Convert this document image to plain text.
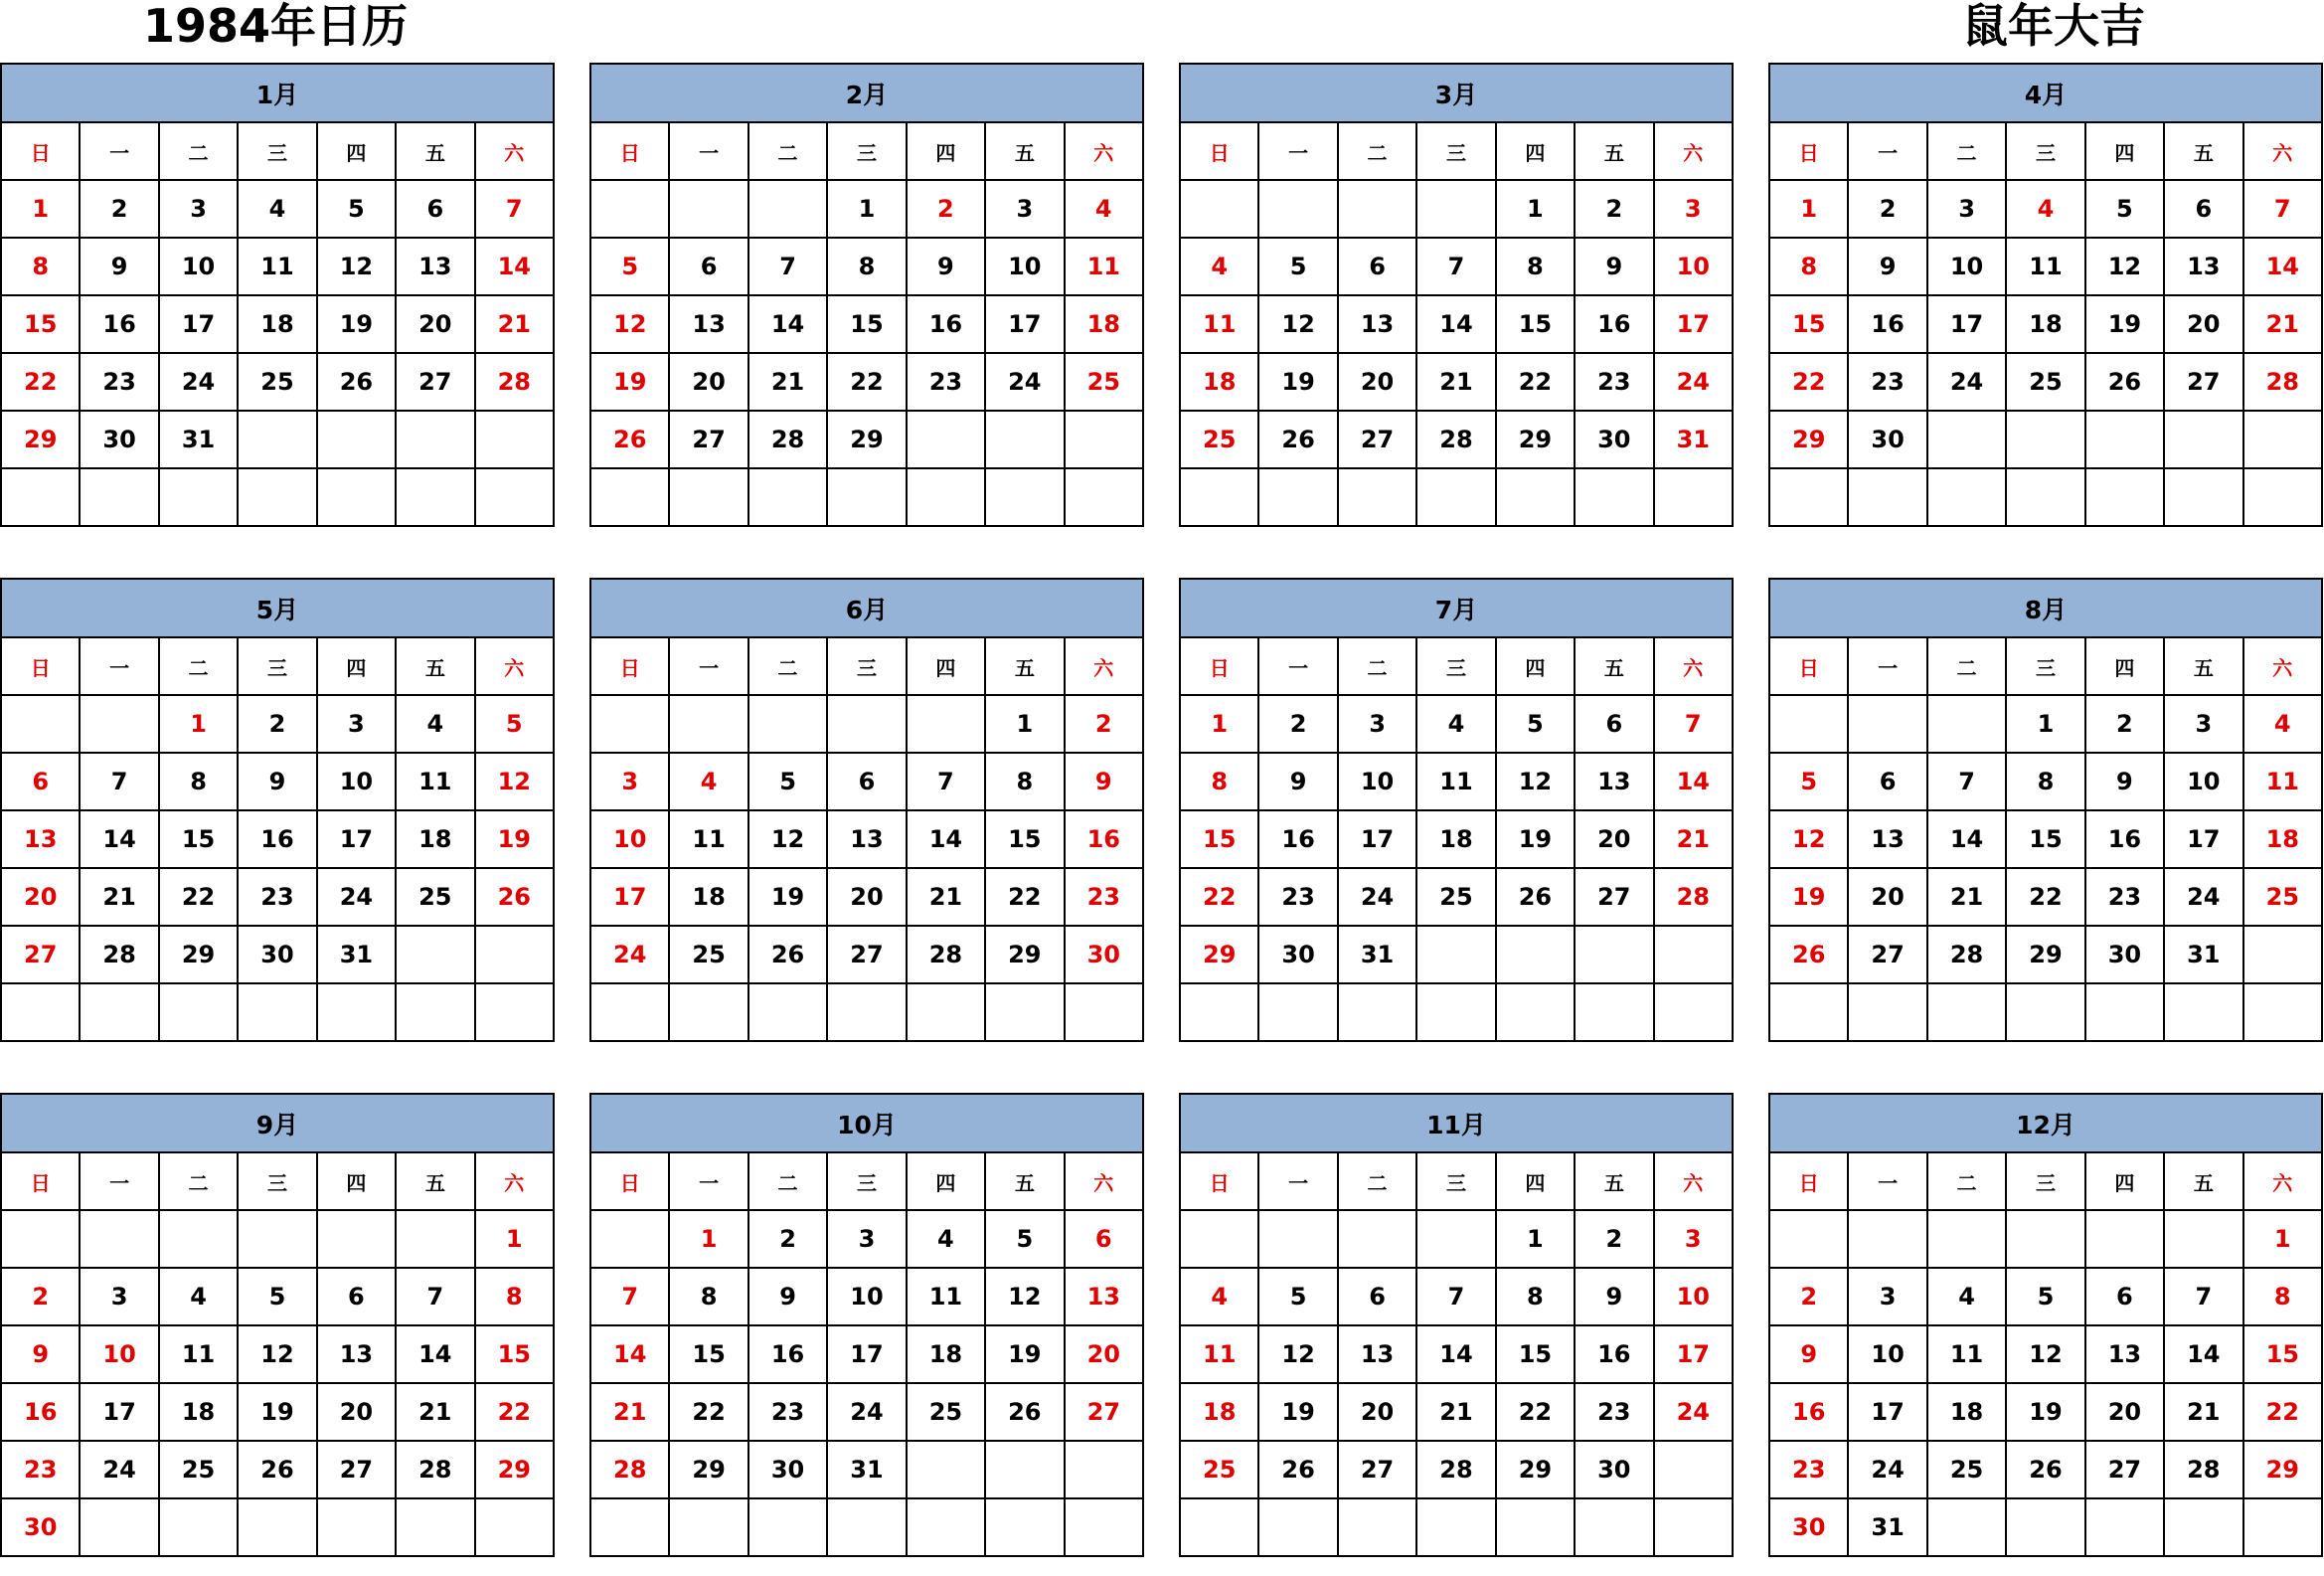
1984年日历	鼠年大吉
1月						
日	一	二	三	四	五	六
1	2	3	4	5	6	7
8	9	10	11	12	13	14
15	16	17	18	19	20	21
22	23	24	25	26	27	28
29	30	31				

2月						
日	一	二	三	四	五	六
			1	2	3	4
5	6	7	8	9	10	11
12	13	14	15	16	17	18
19	20	21	22	23	24	25
26	27	28	29			

3月						
日	一	二	三	四	五	六
				1	2	3
4	5	6	7	8	9	10
11	12	13	14	15	16	17
18	19	20	21	22	23	24
25	26	27	28	29	30	31

4月						
日	一	二	三	四	五	六
1	2	3	4	5	6	7
8	9	10	11	12	13	14
15	16	17	18	19	20	21
22	23	24	25	26	27	28
29	30					

5月						
日	一	二	三	四	五	六
		1	2	3	4	5
6	7	8	9	10	11	12
13	14	15	16	17	18	19
20	21	22	23	24	25	26
27	28	29	30	31		

6月						
日	一	二	三	四	五	六
					1	2
3	4	5	6	7	8	9
10	11	12	13	14	15	16
17	18	19	20	21	22	23
24	25	26	27	28	29	30

7月						
日	一	二	三	四	五	六
1	2	3	4	5	6	7
8	9	10	11	12	13	14
15	16	17	18	19	20	21
22	23	24	25	26	27	28
29	30	31				

8月						
日	一	二	三	四	五	六
			1	2	3	4
5	6	7	8	9	10	11
12	13	14	15	16	17	18
19	20	21	22	23	24	25
26	27	28	29	30	31	

9月						
日	一	二	三	四	五	六
						1
2	3	4	5	6	7	8
9	10	11	12	13	14	15
16	17	18	19	20	21	22
23	24	25	26	27	28	29
30						
10月						
日	一	二	三	四	五	六
	1	2	3	4	5	6
7	8	9	10	11	12	13
14	15	16	17	18	19	20
21	22	23	24	25	26	27
28	29	30	31			

11月						
日	一	二	三	四	五	六
				1	2	3
4	5	6	7	8	9	10
11	12	13	14	15	16	17
18	19	20	21	22	23	24
25	26	27	28	29	30	

12月						
日	一	二	三	四	五	六
						1
2	3	4	5	6	7	8
9	10	11	12	13	14	15
16	17	18	19	20	21	22
23	24	25	26	27	28	29
30	31					
